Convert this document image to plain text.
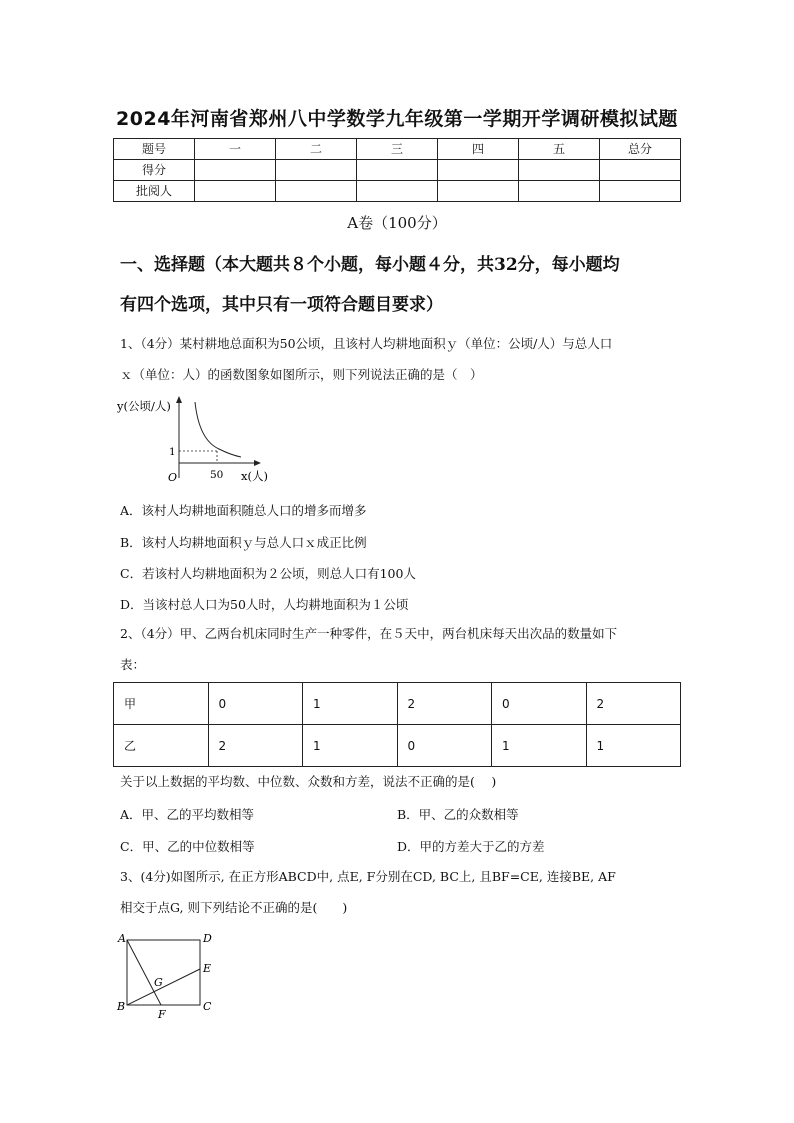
2024年河南省郑州八中学数学九年级第一学期开学调研模拟试题
题号	一	二	三	四	五	总分
得分						
批阅人						
A卷（100分）
一、选择题（本大题共８个小题，每小题４分，共32分，每小题均
有四个选项，其中只有一项符合题目要求）
1、（4分）某村耕地总面积为50公顷，且该村人均耕地面积ｙ（单位：公顷/人）与总人口
ｘ（单位：人）的函数图象如图所示，则下列说法正确的是（　）
y(公顷/人)
x(人)
O	50
1
A．该村人均耕地面积随总人口的增多而增多
B．该村人均耕地面积ｙ与总人口ｘ成正比例
C．若该村人均耕地面积为２公顷，则总人口有100人
D．当该村总人口为50人时，人均耕地面积为１公顷
2、（4分）甲、乙两台机床同时生产一种零件，在５天中，两台机床每天出次品的数量如下
表：
甲	0	1	2	0	2
乙	2	1	0	1	1
关于以上数据的平均数、中位数、众数和方差，说法不正确的是(　 )
A．甲、乙的平均数相等	B．甲、乙的众数相等
C．甲、乙的中位数相等	D．甲的方差大于乙的方差
3、(4分)如图所示, 在正方形ABCD中, 点E, F分别在CD, BC上, 且BF=CE, 连接BE, AF
相交于点G, 则下列结论不正确的是(　　)
A	D
E
G
B	C
F
